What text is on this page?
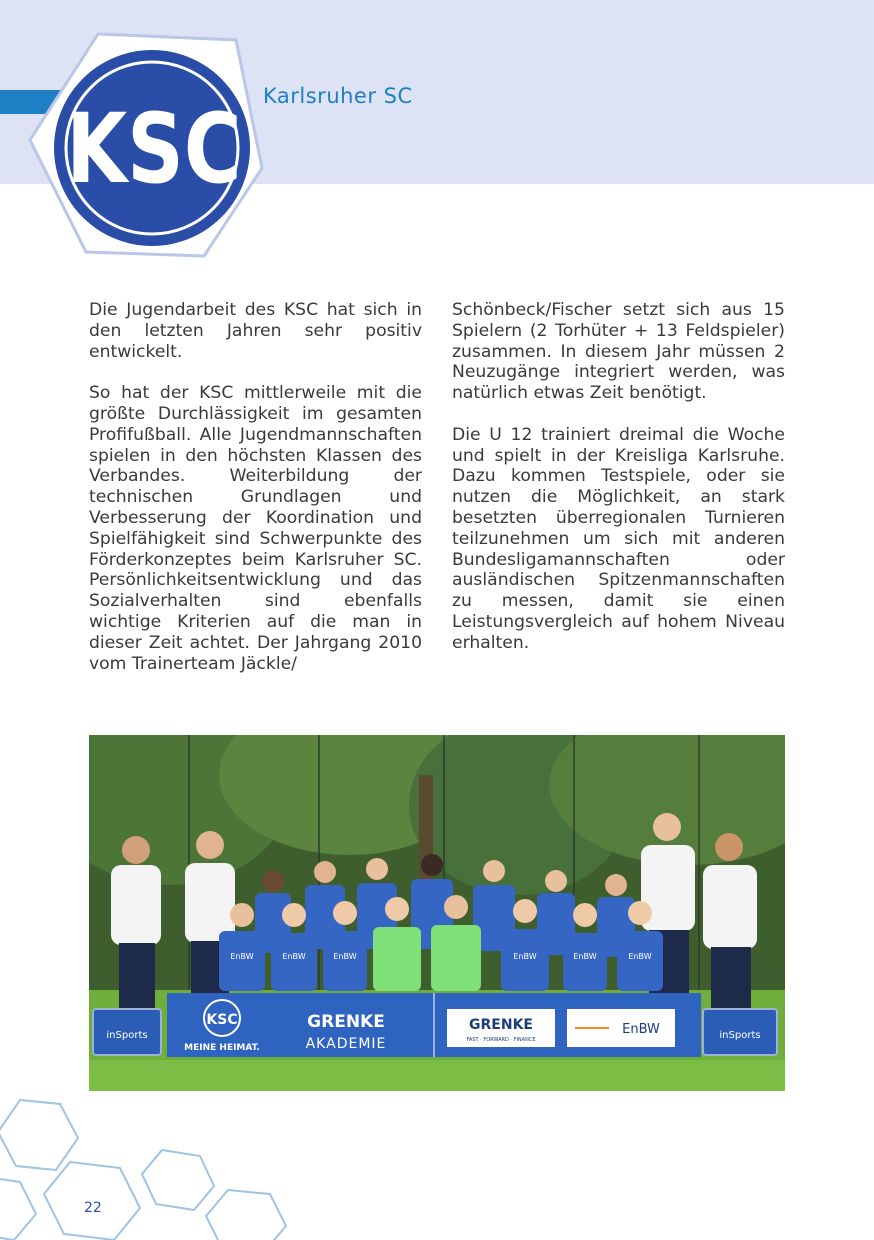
KSC Karlsruher SC

Die Jugendarbeit des KSC hat sich in den letzten Jahren sehr positiv entwickelt.

So hat der KSC mittlerweile mit die größte Durchlässigkeit im gesamten Profifußball. Alle Jugendmannschaften spielen in den höchsten Klassen des Verbandes. Weiterbildung der technischen Grundlagen und Verbesserung der Koordination und Spielfähigkeit sind Schwerpunkte des Förderkonzeptes beim Karlsruher SC. Persönlichkeitsentwicklung und das Sozialverhalten sind ebenfalls wichtige Kriterien auf die man in dieser Zeit achtet. Der Jahrgang 2010 vom Trainerteam Jäckle/

Schönbeck/Fischer setzt sich aus 15 Spielern (2 Torhüter + 13 Feldspieler) zusammen. In diesem Jahr müssen 2 Neuzugänge integriert werden, was natürlich etwas Zeit benötigt.

Die U 12 trainiert dreimal die Woche und spielt in der Kreisliga Karlsruhe. Dazu kommen Testspiele, oder sie nutzen die Möglichkeit, an stark besetzten überregionalen Turnieren teilzunehmen um sich mit anderen Bundesligamannschaften oder ausländischen Spitzenmannschaften zu messen, damit sie einen Leistungsvergleich auf hohem Niveau erhalten.

EnBW	EnBW	EnBW	EnBW	EnBW	EnBW
KSC
MEINE HEIMAT.
GRENKE
AKADEMIE
GRENKE
FAST · FORWARD · FINANCE
EnBW
inSports	inSports
22
